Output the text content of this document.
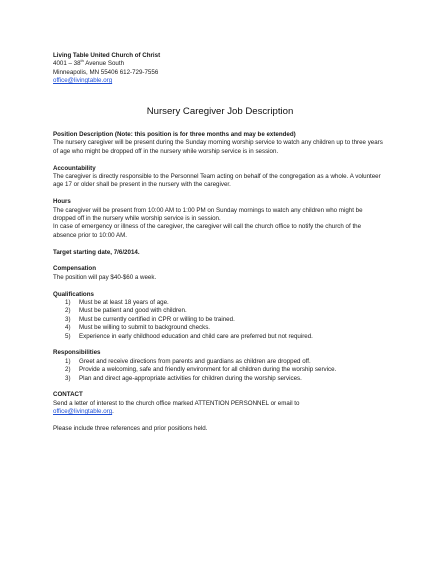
Living Table United Church of Christ
4001 – 38th Avenue South
Minneapolis, MN 55406 612-729-7556
office@livingtable.org
Nursery Caregiver Job Description
Position Description (Note: this position is for three months and may be extended)
The nursery caregiver will be present during the Sunday morning worship service to watch any children up to three years of age who might be dropped off in the nursery while worship service is in session.
Accountability
The caregiver is directly responsible to the Personnel Team acting on behalf of the congregation as a whole. A volunteer age 17 or older shall be present in the nursery with the caregiver.
Hours
The caregiver will be present from 10:00 AM to 1:00 PM on Sunday mornings to watch any children who might be dropped off in the nursery while worship service is in session.
In case of emergency or illness of the caregiver, the caregiver will call the church office to notify the church of the absence prior to 10:00 AM.
Target starting date, 7/6/2014.
Compensation
The position will pay $40-$60 a week.
Qualifications
1) Must be at least 18 years of age.
2) Must be patient and good with children.
3) Must be currently certified in CPR or willing to be trained.
4) Must be willing to submit to background checks.
5) Experience in early childhood education and child care are preferred but not required.
Responsibilities
1) Greet and receive directions from parents and guardians as children are dropped off.
2) Provide a welcoming, safe and friendly environment for all children during the worship service.
3) Plan and direct age-appropriate activities for children during the worship services.
CONTACT
Send a letter of interest to the church office marked ATTENTION PERSONNEL or email to
office@livingtable.org.
Please include three references and prior positions held.
